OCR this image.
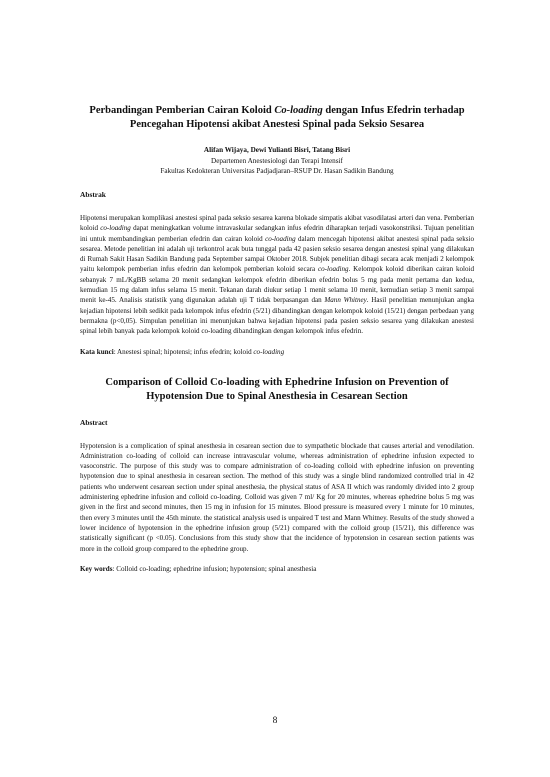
Perbandingan Pemberian Cairan Koloid Co-loading dengan Infus Efedrin terhadap Pencegahan Hipotensi akibat Anestesi Spinal pada Seksio Sesarea
Alifan Wijaya, Dewi Yulianti Bisri, Tatang Bisri
Departemen Anestesiologi dan Terapi Intensif
Fakultas Kedokteran Universitas Padjadjaran–RSUP Dr. Hasan Sadikin Bandung
Abstrak

Hipotensi merupakan komplikasi anestesi spinal pada seksio sesarea karena blokade simpatis akibat vasodilatasi arteri dan vena. Pemberian koloid co-loading dapat meningkatkan volume intravaskular sedangkan infus efedrin diharapkan terjadi vasokonstriksi. Tujuan penelitian ini untuk membandingkan pemberian efedrin dan cairan koloid co-loading dalam mencegah hipotensi akibat anestesi spinal pada seksio sesarea. Metode penelitian ini adalah uji terkontrol acak buta tunggal pada 42 pasien seksio sesarea dengan anestesi spinal yang dilakukan di Rumah Sakit Hasan Sadikin Bandung pada September sampai Oktober 2018. Subjek penelitian dibagi secara acak menjadi 2 kelompok yaitu kelompok pemberian infus efedrin dan kelompok pemberian koloid secara co-loading. Kelompok koloid diberikan cairan koloid sebanyak 7 mL/KgBB selama 20 menit sedangkan kelompok efedrin diberikan efedrin bolus 5 mg pada menit pertama dan kedua, kemudian 15 mg dalam infus selama 15 menit. Tekanan darah diukur setiap 1 menit selama 10 menit, kemudian setiap 3 menit sampai menit ke-45. Analisis statistik yang digunakan adalah uji T tidak berpasangan dan Mann Whitney. Hasil penelitian menunjukan angka kejadian hipotensi lebih sedikit pada kelompok infus efedrin (5/21) dibandingkan dengan kelompok koloid (15/21) dengan perbedaan yang bermakna (p<0,05). Simpulan penelitian ini menunjukan bahwa kejadian hipotensi pada pasien seksio sesarea yang dilakukan anestesi spinal lebih banyak pada kelompok koloid co-loading dibandingkan dengan kelompok infus efedrin.

Kata kunci: Anestesi spinal; hipotensi; infus efedrin; koloid co-loading

Comparison of Colloid Co-loading with Ephedrine Infusion on Prevention of Hypotension Due to Spinal Anesthesia in Cesarean Section
Abstract

Hypotension is a complication of spinal anesthesia in cesarean section due to sympathetic blockade that causes arterial and venodilation. Administration co-loading of colloid can increase intravascular volume, whereas administration of ephedrine infusion expected to vasoconstric. The purpose of this study was to compare administration of co-loading colloid with ephedrine infusion on preventing hypotension due to spinal anesthesia in cesarean section. The method of this study was a single blind randomized controlled trial in 42 patients who underwent cesarean section under spinal anesthesia, the physical status of ASA II which was randomly divided into 2 group administering ephedrine infusion and colloid co-loading. Colloid was given 7 ml/ Kg for 20 minutes, whereas ephedrine bolus 5 mg was given in the first and second minutes, then 15 mg in infusion for 15 minutes. Blood pressure is measured every 1 minute for 10 minutes, then every 3 minutes until the 45th minute. the statistical analysis used is unpaired T test and Mann Whitney. Results of the study showed a lower incidence of hypotension in the ephedrine infusion group (5/21) compared with the colloid group (15/21), this difference was statistically significant (p <0.05). Conclusions from this study show that the incidence of hypotension in cesarean section patients was more in the colloid group compared to the ephedrine group.

Key words: Colloid co-loading; ephedrine infusion; hypotension; spinal anesthesia

8
